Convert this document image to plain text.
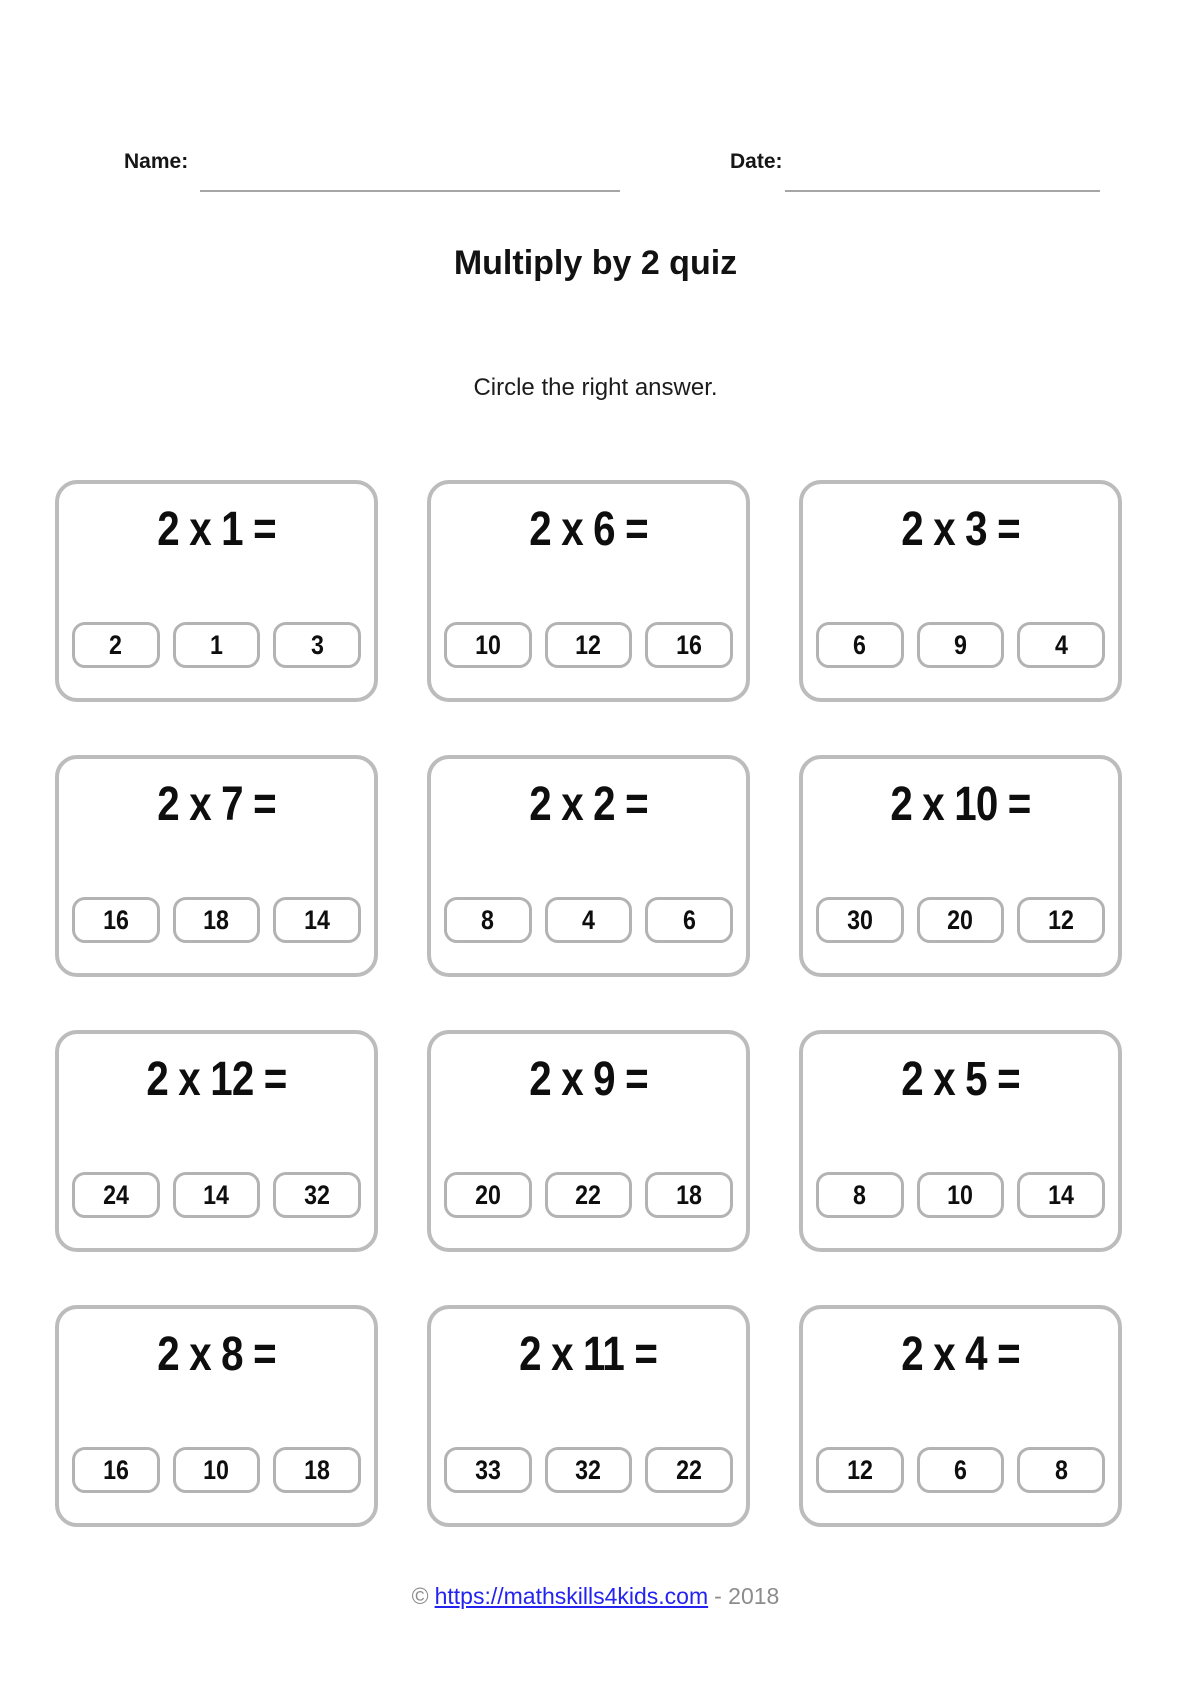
Name:	Date:
Multiply by 2 quiz
Circle the right answer.
2 x 1 =
2	1	3
2 x 6 =
10	12	16
2 x 3 =
6	9	4
2 x 7 =
16	18	14
2 x 2 =
8	4	6
2 x 10 =
30	20	12
2 x 12 =
24	14	32
2 x 9 =
20	22	18
2 x 5 =
8	10	14
2 x 8 =
16	10	18
2 x 11 =
33	32	22
2 x 4 =
12	6	8
© https://mathskills4kids.com - 2018
